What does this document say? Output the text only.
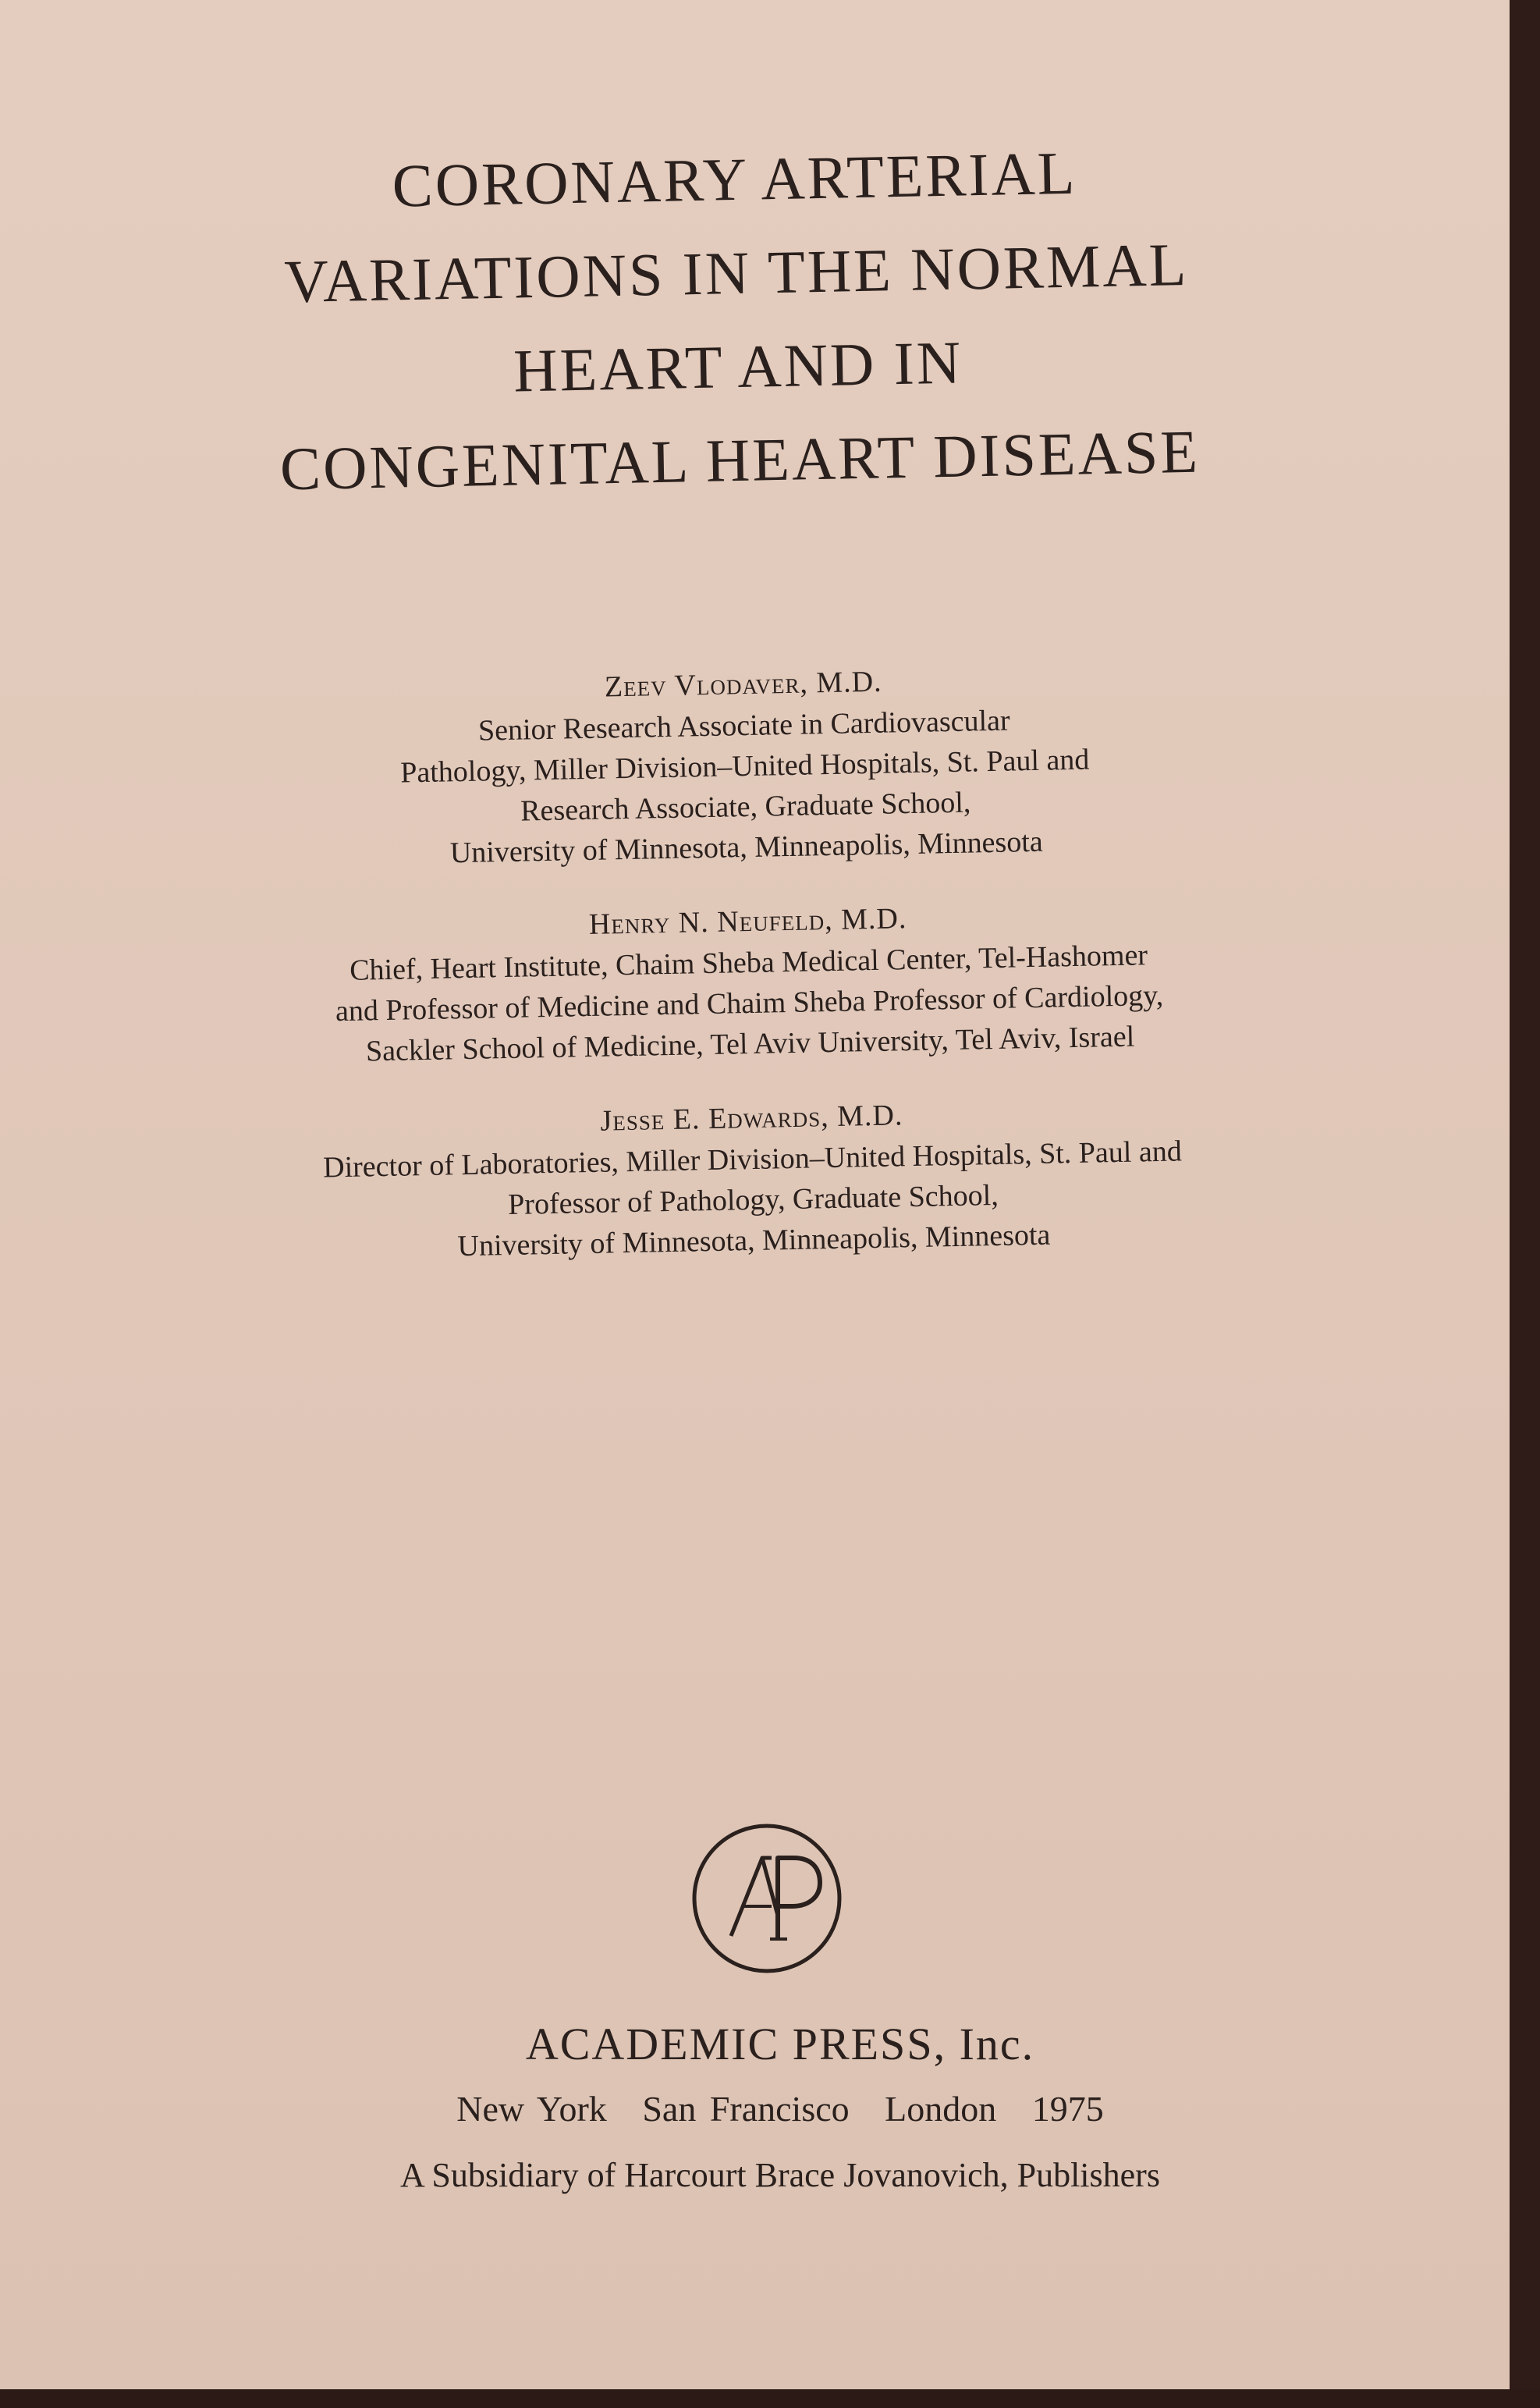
CORONARY ARTERIAL
VARIATIONS IN THE NORMAL
HEART AND IN
CONGENITAL HEART DISEASE
Zeev Vlodaver, M.D.
Senior Research Associate in Cardiovascular
Pathology, Miller Division–United Hospitals, St. Paul and
Research Associate, Graduate School,
University of Minnesota, Minneapolis, Minnesota
Henry N. Neufeld, M.D.
Chief, Heart Institute, Chaim Sheba Medical Center, Tel-Hashomer
and Professor of Medicine and Chaim Sheba Professor of Cardiology,
Sackler School of Medicine, Tel Aviv University, Tel Aviv, Israel
Jesse E. Edwards, M.D.
Director of Laboratories, Miller Division–United Hospitals, St. Paul and
Professor of Pathology, Graduate School,
University of Minnesota, Minneapolis, Minnesota
ACADEMIC PRESS, Inc.
New York San Francisco London 1975
A Subsidiary of Harcourt Brace Jovanovich, Publishers
